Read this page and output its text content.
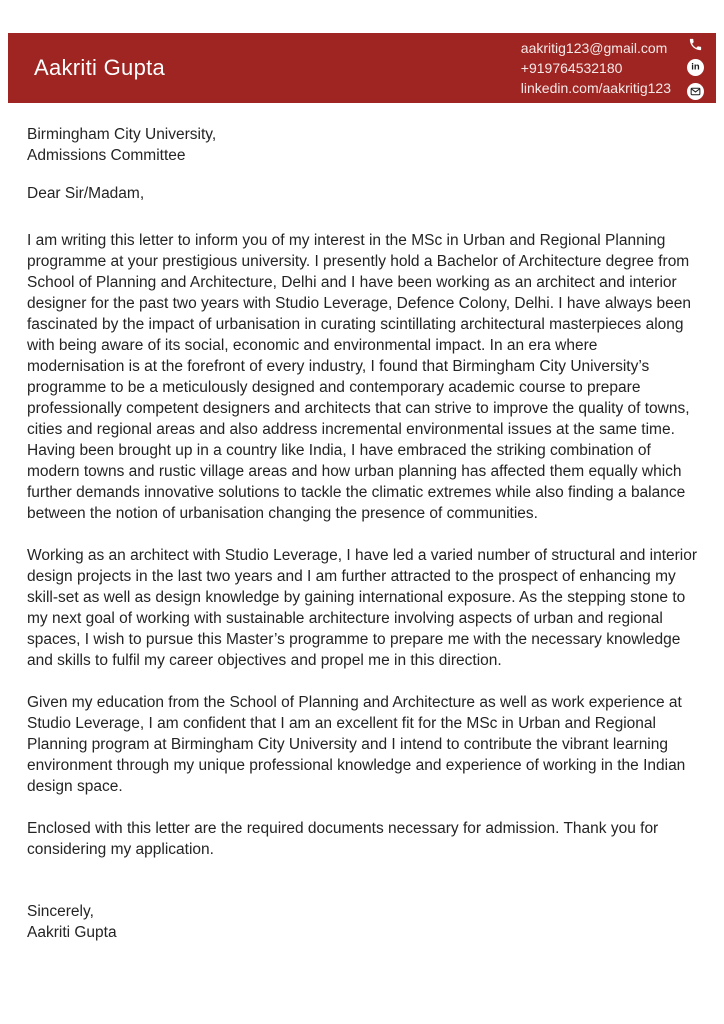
Aakriti Gupta
aakritig123@gmail.com
+919764532180
linkedin.com/aakritig123
in
Birmingham City University,
Admissions Committee
Dear Sir/Madam,

I am writing this letter to inform you of my interest in the MSc in Urban and Regional Planning programme at your prestigious university. I presently hold a Bachelor of Architecture degree from School of Planning and Architecture, Delhi and I have been working as an architect and interior designer for the past two years with Studio Leverage, Defence Colony, Delhi. I have always been fascinated by the impact of urbanisation in curating scintillating architectural masterpieces along with being aware of its social, economic and environmental impact. In an era where modernisation is at the forefront of every industry, I found that Birmingham City University’s programme to be a meticulously designed and contemporary academic course to prepare professionally competent designers and architects that can strive to improve the quality of towns, cities and regional areas and also address incremental environmental issues at the same time. Having been brought up in a country like India, I have embraced the striking combination of modern towns and rustic village areas and how urban planning has affected them equally which further demands innovative solutions to tackle the climatic extremes while also finding a balance between the notion of urbanisation changing the presence of communities.

Working as an architect with Studio Leverage, I have led a varied number of structural and interior design projects in the last two years and I am further attracted to the prospect of enhancing my skill-set as well as design knowledge by gaining international exposure. As the stepping stone to my next goal of working with sustainable architecture involving aspects of urban and regional spaces, I wish to pursue this Master’s programme to prepare me with the necessary knowledge and skills to fulfil my career objectives and propel me in this direction.

Given my education from the School of Planning and Architecture as well as work experience at Studio Leverage, I am confident that I am an excellent fit for the MSc in Urban and Regional Planning program at Birmingham City University and I intend to contribute the vibrant learning environment through my unique professional knowledge and experience of working in the Indian design space.

Enclosed with this letter are the required documents necessary for admission. Thank you for considering my application.

Sincerely,
Aakriti Gupta
